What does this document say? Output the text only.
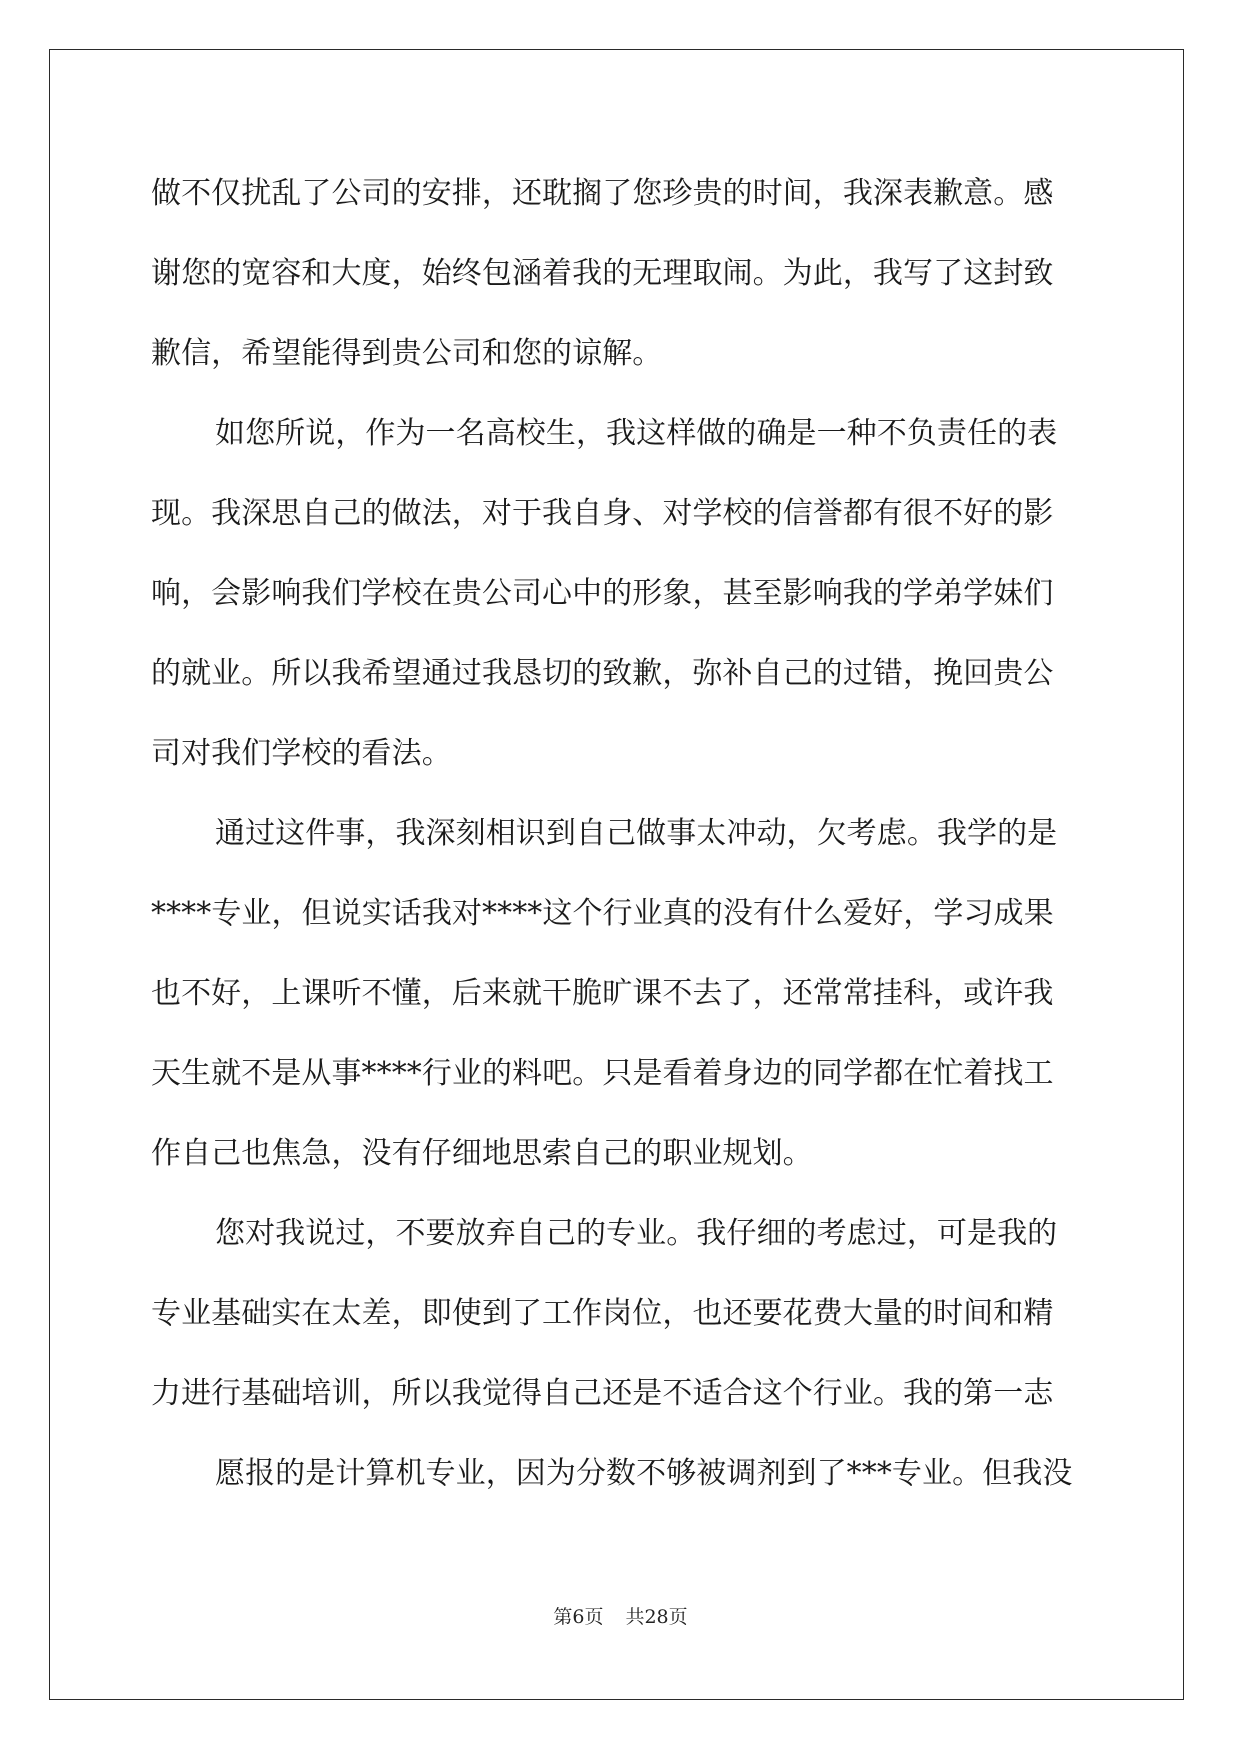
做不仅扰乱了公司的安排，还耽搁了您珍贵的时间，我深表歉意。感
谢您的宽容和大度，始终包涵着我的无理取闹。为此，我写了这封致
歉信，希望能得到贵公司和您的谅解。
如您所说，作为一名高校生，我这样做的确是一种不负责任的表
现。我深思自己的做法，对于我自身、对学校的信誉都有很不好的影
响，会影响我们学校在贵公司心中的形象，甚至影响我的学弟学妹们
的就业。所以我希望通过我恳切的致歉，弥补自己的过错，挽回贵公
司对我们学校的看法。
通过这件事，我深刻相识到自己做事太冲动，欠考虑。我学的是
****专业，但说实话我对****这个行业真的没有什么爱好，学习成果
也不好，上课听不懂，后来就干脆旷课不去了，还常常挂科，或许我
天生就不是从事****行业的料吧。只是看着身边的同学都在忙着找工
作自己也焦急，没有仔细地思索自己的职业规划。
您对我说过，不要放弃自己的专业。我仔细的考虑过，可是我的
专业基础实在太差，即使到了工作岗位，也还要花费大量的时间和精
力进行基础培训，所以我觉得自己还是不适合这个行业。我的第一志
愿报的是计算机专业，因为分数不够被调剂到了***专业。但我没
第6页 共28页
